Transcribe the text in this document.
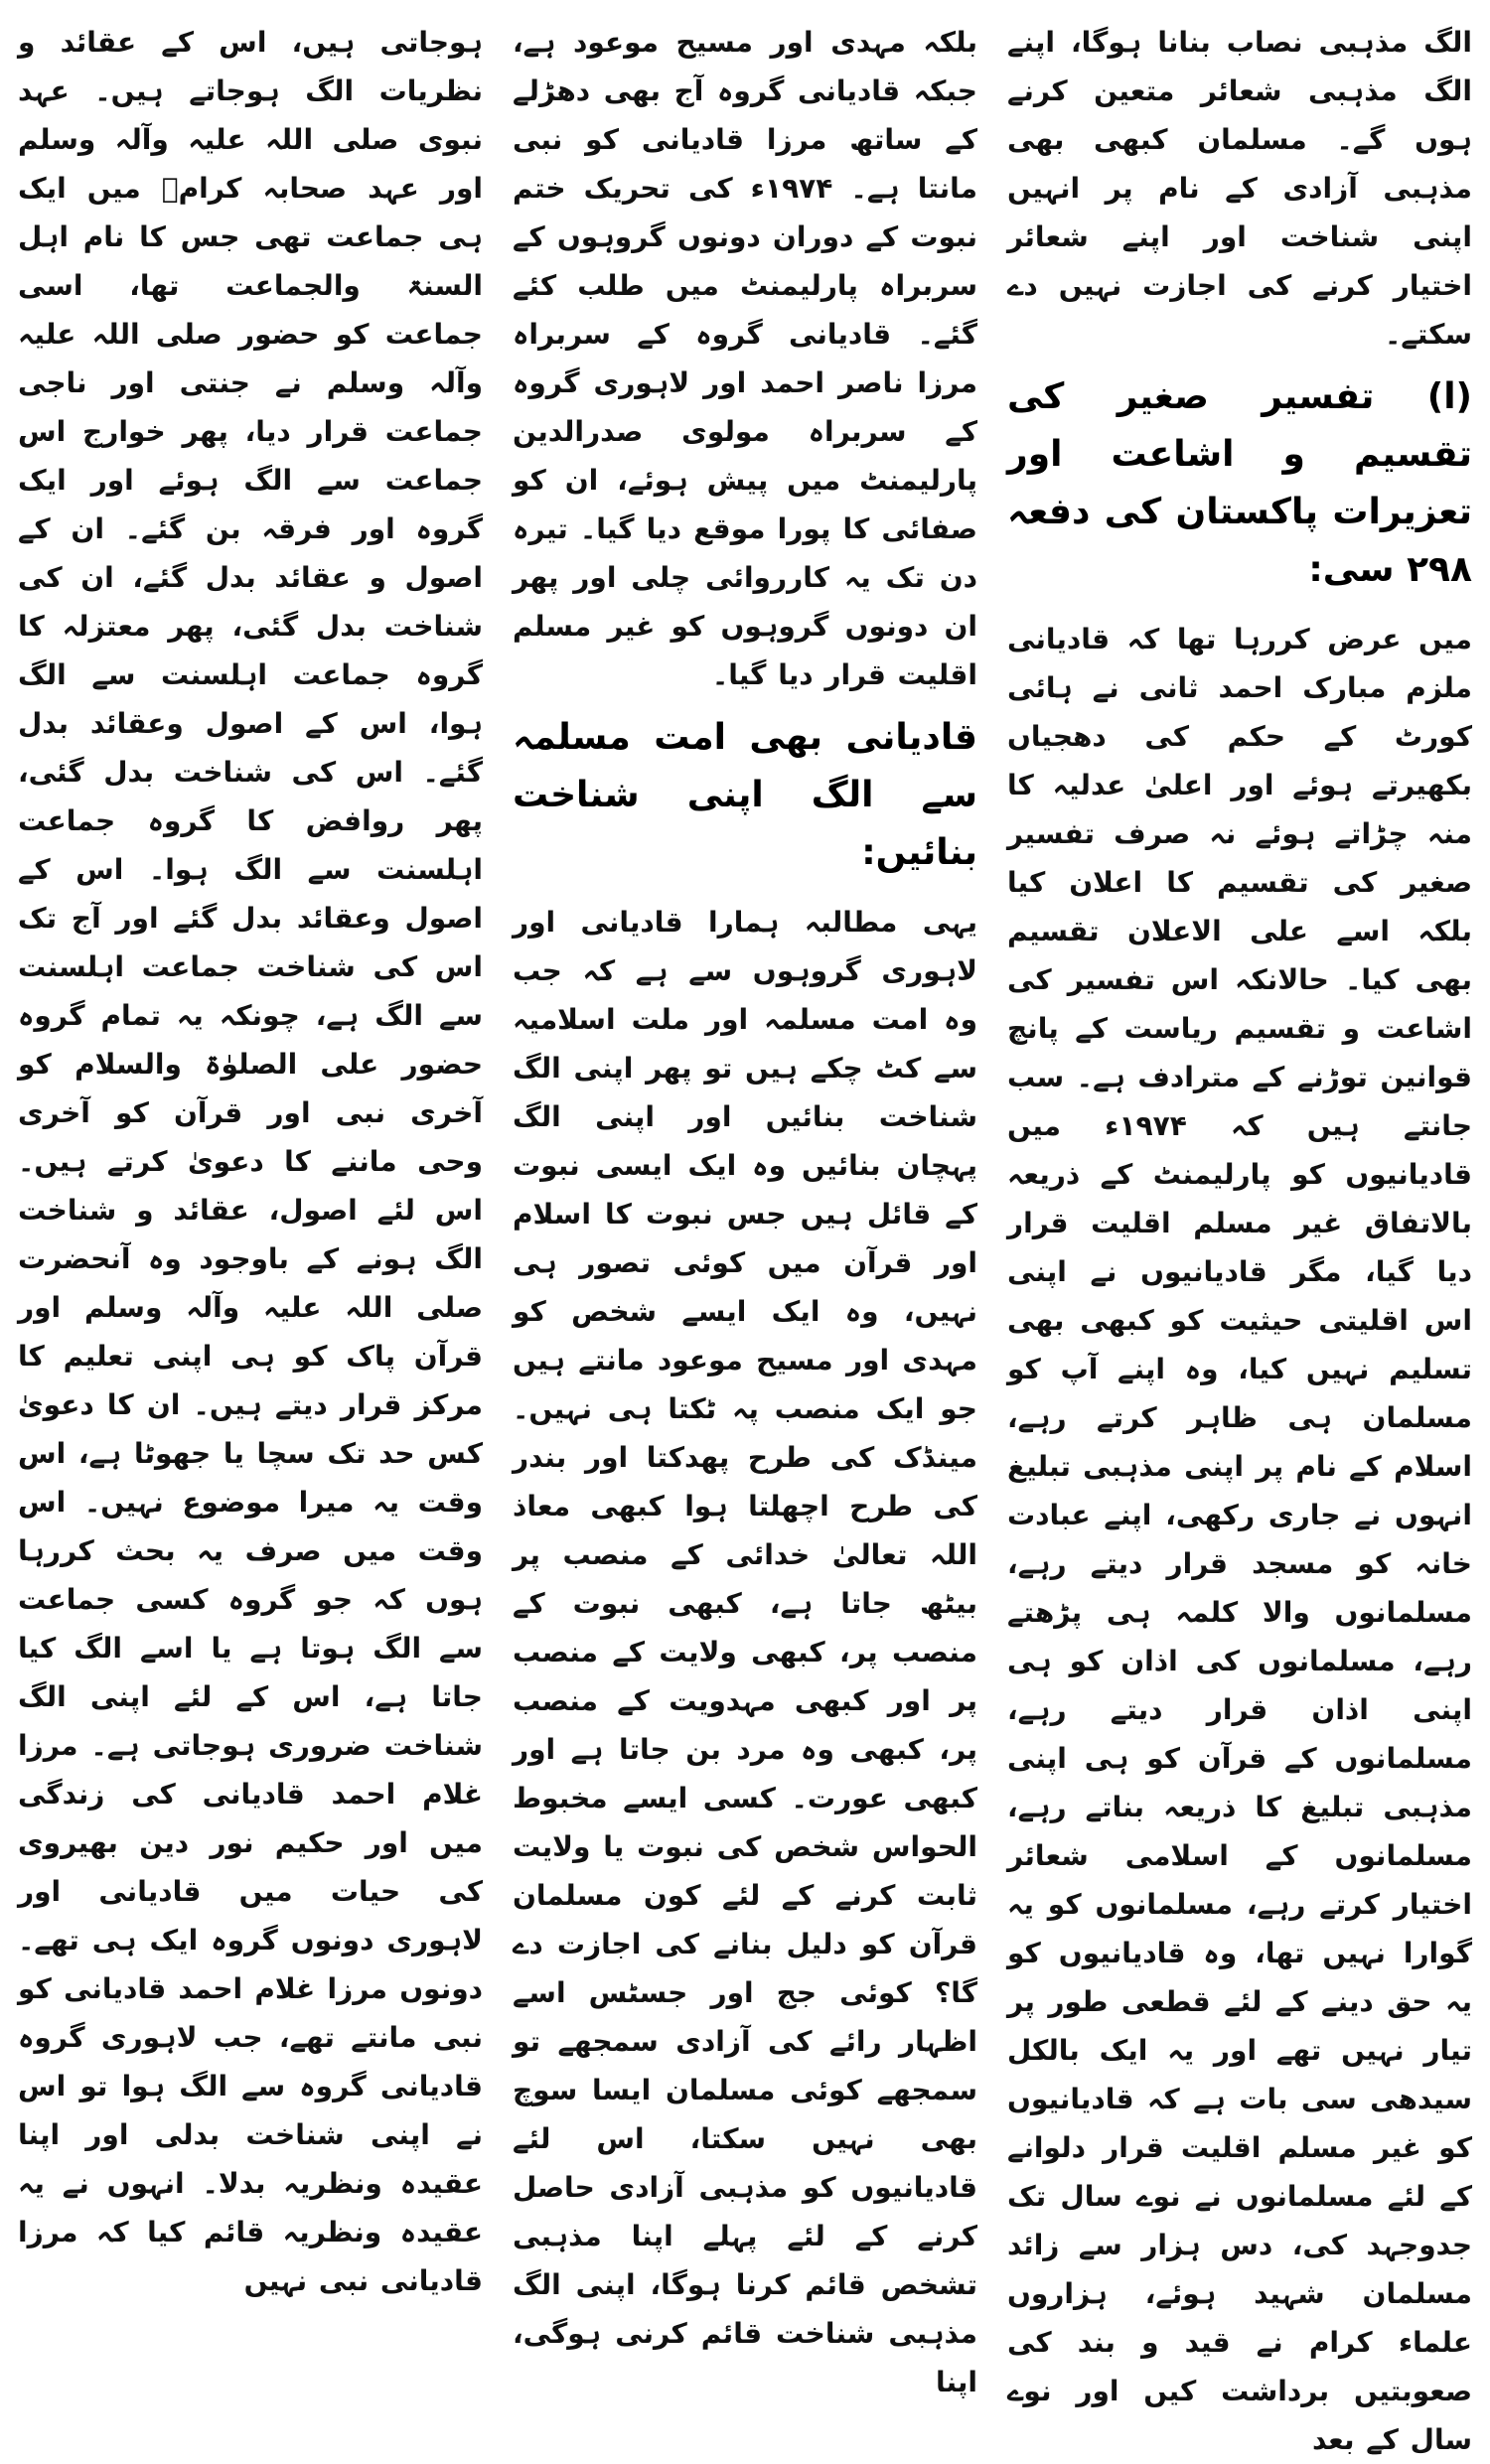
ہوجاتی ہیں، اس کے عقائد و نظریات الگ ہوجاتے ہیں۔ عہد نبوی صلی اللہ علیہ وآلہ وسلم اور عہد صحابہ کرامؓ میں ایک ہی جماعت تھی جس کا نام اہل السنۃ والجماعت تھا، اسی جماعت کو حضور صلی اللہ علیہ وآلہ وسلم نے جنتی اور ناجی جماعت قرار دیا، پھر خوارج اس جماعت سے الگ ہوئے اور ایک گروہ اور فرقہ بن گئے۔ ان کے اصول و عقائد بدل گئے، ان کی شناخت بدل گئی، پھر معتزلہ کا گروہ جماعت اہلسنت سے الگ ہوا، اس کے اصول وعقائد بدل گئے۔ اس کی شناخت بدل گئی، پھر روافض کا گروہ جماعت اہلسنت سے الگ ہوا۔ اس کے اصول وعقائد بدل گئے اور آج تک اس کی شناخت جماعت اہلسنت سے الگ ہے، چونکہ یہ تمام گروہ حضور علی الصلوٰۃ والسلام کو آخری نبی اور قرآن کو آخری وحی ماننے کا دعویٰ کرتے ہیں۔ اس لئے اصول، عقائد و شناخت الگ ہونے کے باوجود وہ آنحضرت صلی اللہ علیہ وآلہ وسلم اور قرآن پاک کو ہی اپنی تعلیم کا مرکز قرار دیتے ہیں۔ ان کا دعویٰ کس حد تک سچا یا جھوٹا ہے، اس وقت یہ میرا موضوع نہیں۔ اس وقت میں صرف یہ بحث کررہا ہوں کہ جو گروہ کسی جماعت سے الگ ہوتا ہے یا اسے الگ کیا جاتا ہے، اس کے لئے اپنی الگ شناخت ضروری ہوجاتی ہے۔ مرزا غلام احمد قادیانی کی زندگی میں اور حکیم نور دین بھیروی کی حیات میں قادیانی اور لاہوری دونوں گروہ ایک ہی تھے۔ دونوں مرزا غلام احمد قادیانی کو نبی مانتے تھے، جب لاہوری گروہ قادیانی گروہ سے الگ ہوا تو اس نے اپنی شناخت بدلی اور اپنا عقیدہ ونظریہ بدلا۔ انہوں نے یہ عقیدہ ونظریہ قائم کیا کہ مرزا قادیانی نبی نہیں

بلکہ مہدی اور مسیح موعود ہے، جبکہ قادیانی گروہ آج بھی دھڑلے کے ساتھ مرزا قادیانی کو نبی مانتا ہے۔ ۱۹۷۴ء کی تحریک ختم نبوت کے دوران دونوں گروہوں کے سربراہ پارلیمنٹ میں طلب کئے گئے۔ قادیانی گروہ کے سربراہ مرزا ناصر احمد اور لاہوری گروہ کے سربراہ مولوی صدرالدین پارلیمنٹ میں پیش ہوئے، ان کو صفائی کا پورا موقع دیا گیا۔ تیرہ دن تک یہ کارروائی چلی اور پھر ان دونوں گروہوں کو غیر مسلم اقلیت قرار دیا گیا۔

قادیانی بھی امت مسلمہ سے الگ اپنی شناخت بنائیں:

یہی مطالبہ ہمارا قادیانی اور لاہوری گروہوں سے ہے کہ جب وہ امت مسلمہ اور ملت اسلامیہ سے کٹ چکے ہیں تو پھر اپنی الگ شناخت بنائیں اور اپنی الگ پہچان بنائیں وہ ایک ایسی نبوت کے قائل ہیں جس نبوت کا اسلام اور قرآن میں کوئی تصور ہی نہیں، وہ ایک ایسے شخص کو مہدی اور مسیح موعود مانتے ہیں جو ایک منصب پہ ٹکتا ہی نہیں۔ مینڈک کی طرح پھدکتا اور بندر کی طرح اچھلتا ہوا کبھی معاذ اللہ تعالیٰ خدائی کے منصب پر بیٹھ جاتا ہے، کبھی نبوت کے منصب پر، کبھی ولایت کے منصب پر اور کبھی مہدویت کے منصب پر، کبھی وہ مرد بن جاتا ہے اور کبھی عورت۔ کسی ایسے مخبوط الحواس شخص کی نبوت یا ولایت ثابت کرنے کے لئے کون مسلمان قرآن کو دلیل بنانے کی اجازت دے گا؟ کوئی جج اور جسٹس اسے اظہار رائے کی آزادی سمجھے تو سمجھے کوئی مسلمان ایسا سوچ بھی نہیں سکتا، اس لئے قادیانیوں کو مذہبی آزادی حاصل کرنے کے لئے پہلے اپنا مذہبی تشخص قائم کرنا ہوگا، اپنی الگ مذہبی شناخت قائم کرنی ہوگی، اپنا

الگ مذہبی نصاب بنانا ہوگا، اپنے الگ مذہبی شعائر متعین کرنے ہوں گے۔ مسلمان کبھی بھی مذہبی آزادی کے نام پر انہیں اپنی شناخت اور اپنے شعائر اختیار کرنے کی اجازت نہیں دے سکتے۔

(ا) تفسیر صغیر کی تقسیم و اشاعت اور تعزیرات پاکستان کی دفعہ ۲۹۸ سی:

میں عرض کررہا تھا کہ قادیانی ملزم مبارک احمد ثانی نے ہائی کورٹ کے حکم کی دھجیاں بکھیرتے ہوئے اور اعلیٰ عدلیہ کا منہ چڑاتے ہوئے نہ صرف تفسیر صغیر کی تقسیم کا اعلان کیا بلکہ اسے علی الاعلان تقسیم بھی کیا۔ حالانکہ اس تفسیر کی اشاعت و تقسیم ریاست کے پانچ قوانین توڑنے کے مترادف ہے۔ سب جانتے ہیں کہ ۱۹۷۴ء میں قادیانیوں کو پارلیمنٹ کے ذریعہ بالاتفاق غیر مسلم اقلیت قرار دیا گیا، مگر قادیانیوں نے اپنی اس اقلیتی حیثیت کو کبھی بھی تسلیم نہیں کیا، وہ اپنے آپ کو مسلمان ہی ظاہر کرتے رہے، اسلام کے نام پر اپنی مذہبی تبلیغ انہوں نے جاری رکھی، اپنے عبادت خانہ کو مسجد قرار دیتے رہے، مسلمانوں والا کلمہ ہی پڑھتے رہے، مسلمانوں کی اذان کو ہی اپنی اذان قرار دیتے رہے، مسلمانوں کے قرآن کو ہی اپنی مذہبی تبلیغ کا ذریعہ بناتے رہے، مسلمانوں کے اسلامی شعائر اختیار کرتے رہے، مسلمانوں کو یہ گوارا نہیں تھا، وہ قادیانیوں کو یہ حق دینے کے لئے قطعی طور پر تیار نہیں تھے اور یہ ایک بالکل سیدھی سی بات ہے کہ قادیانیوں کو غیر مسلم اقلیت قرار دلوانے کے لئے مسلمانوں نے نوے سال تک جدوجہد کی، دس ہزار سے زائد مسلمان شہید ہوئے، ہزاروں علماء کرام نے قید و بند کی صعوبتیں برداشت کیں اور نوے سال کے بعد
